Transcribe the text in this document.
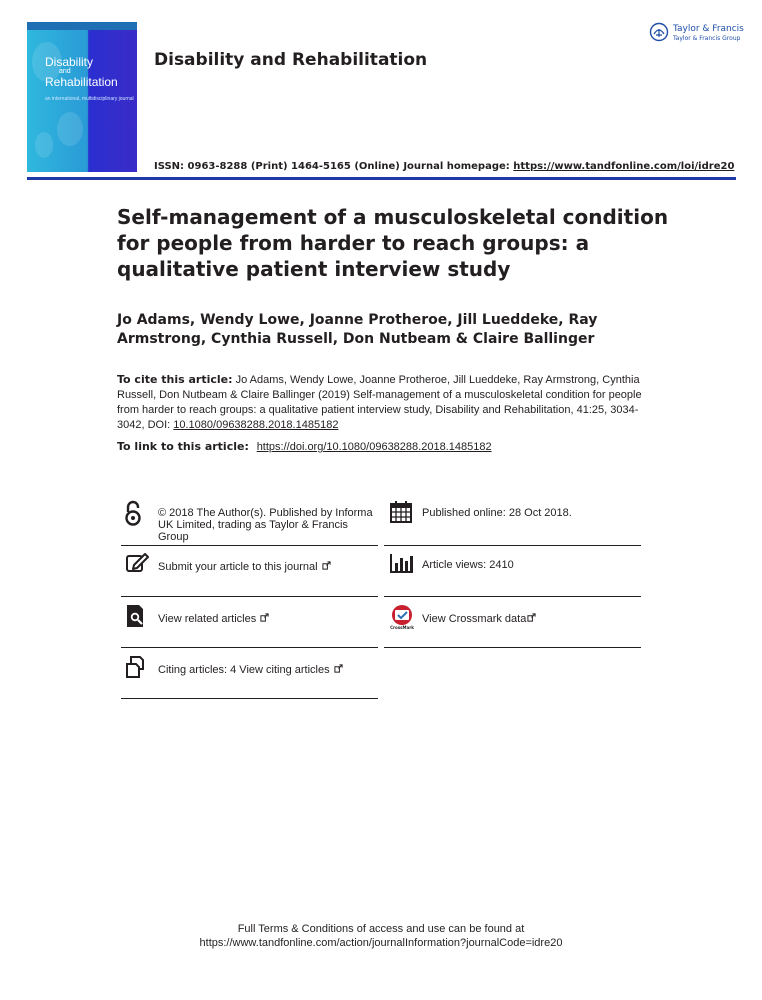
Disability
and
Rehabilitation
an international, multidisciplinary journal
Taylor & Francis
Taylor & Francis Group
Disability and Rehabilitation
ISSN: 0963-8288 (Print) 1464-5165 (Online) Journal homepage: https://www.tandfonline.com/loi/idre20
Self-management of a musculoskeletal condition for people from harder to reach groups: a qualitative patient interview study
Jo Adams, Wendy Lowe, Joanne Protheroe, Jill Lueddeke, Ray Armstrong, Cynthia Russell, Don Nutbeam & Claire Ballinger
To cite this article: Jo Adams, Wendy Lowe, Joanne Protheroe, Jill Lueddeke, Ray Armstrong, Cynthia Russell, Don Nutbeam & Claire Ballinger (2019) Self-management of a musculoskeletal condition for people from harder to reach groups: a qualitative patient interview study, Disability and Rehabilitation, 41:25, 3034-3042, DOI: 10.1080/09638288.2018.1485182
To link to this article: https://doi.org/10.1080/09638288.2018.1485182
© 2018 The Author(s). Published by Informa UK Limited, trading as Taylor & Francis Group
Submit your article to this journal
View related articles
Citing articles: 4 View citing articles
Published online: 28 Oct 2018.
Article views: 2410
CrossMark
View Crossmark data
Full Terms & Conditions of access and use can be found at
https://www.tandfonline.com/action/journalInformation?journalCode=idre20
